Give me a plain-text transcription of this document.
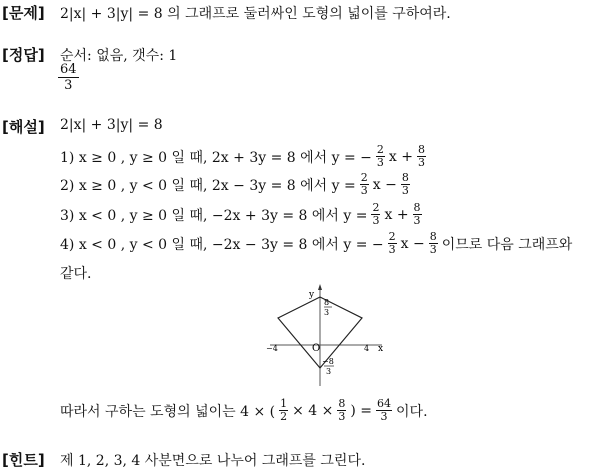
[문제] 2|x| + 3|y| = 8 의 그래프로 둘러싸인 도형의 넓이를 구하여라.
[정답] 순서: 없음, 갯수: 1
$\frac{64}{3}$
[해설] 2|x| + 3|y| = 8
1) x ≥ 0 , y ≥ 0 일 때, 2x + 3y = 8 에서 y = − $\frac{2}{3}$ $x + \frac{8}{3}$
2) x ≥ 0 , y < 0 일 때, 2x − 3y = 8 에서 $y = \frac{2}{3}$ $x - \frac{8}{3}$
3) x < 0 , y ≥ 0 일 때, −2x + 3y = 8 에서 $y = \frac{2}{3}$ $x + \frac{8}{3}$
4) x < 0 , y < 0 일 때, −2x − 3y = 8 에서 y = − $\frac{2}{3}$ $x - \frac{8}{3}$ 이므로 다음 그래프와
같다.
y
x
O
−4	4
8
3
−8
3
따라서 구하는 도형의 넓이는 4 × ( $\frac{1}{2} \times 4 \times \frac{8}{3}$ ) = $\frac{64}{3}$ 이다.
[힌트] 제 1, 2, 3, 4 사분면으로 나누어 그래프를 그린다.
